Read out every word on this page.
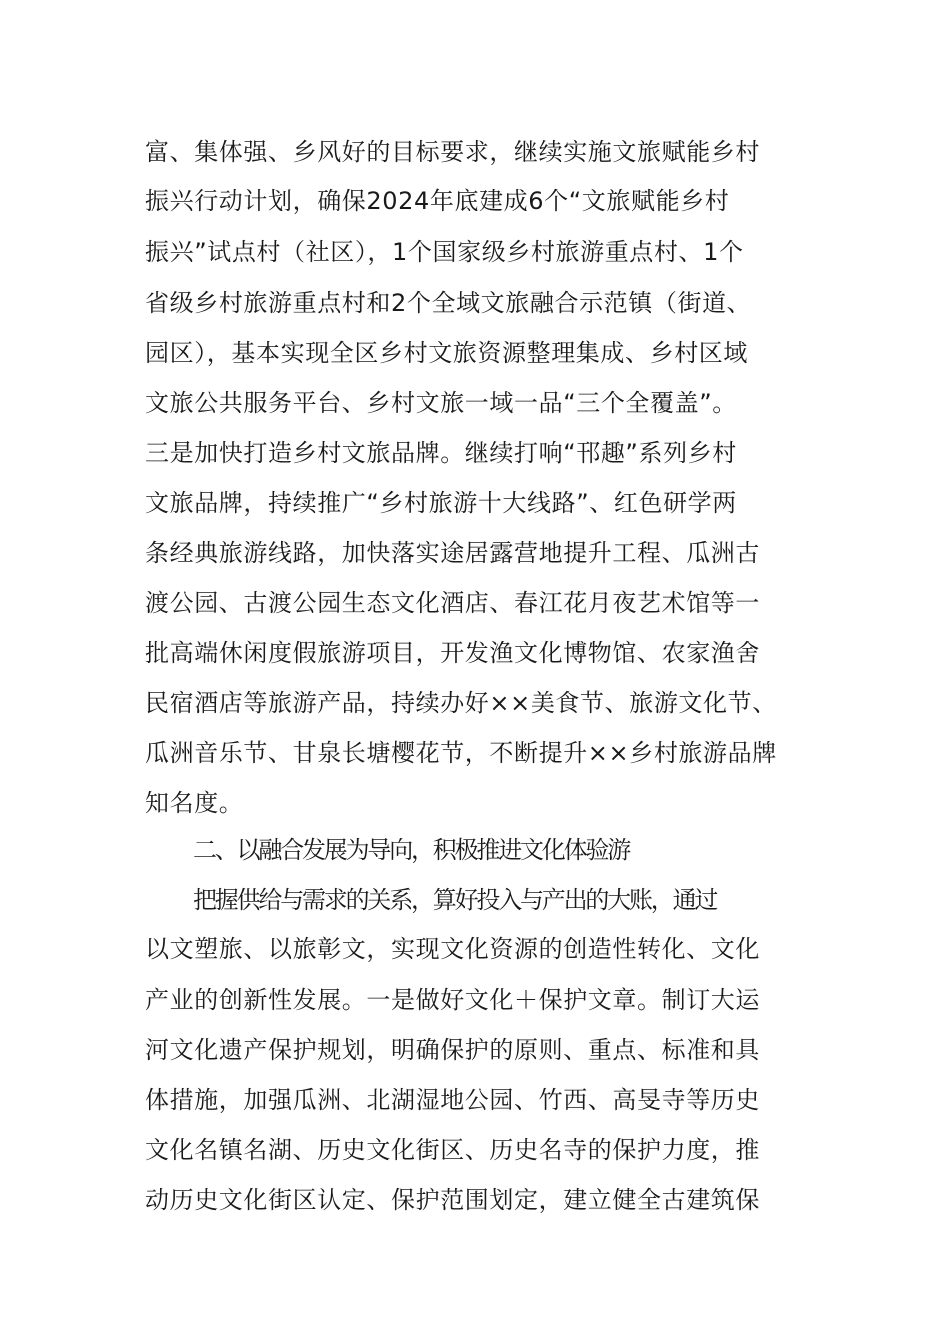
富、集体强、乡风好的目标要求，继续实施文旅赋能乡村
振兴行动计划，确保2024年底建成6个“文旅赋能乡村
振兴”试点村（社区），1个国家级乡村旅游重点村、1个
省级乡村旅游重点村和2个全域文旅融合示范镇（街道、
园区），基本实现全区乡村文旅资源整理集成、乡村区域
文旅公共服务平台、乡村文旅一域一品“三个全覆盖”。
三是加快打造乡村文旅品牌。继续打响“邗趣”系列乡村
文旅品牌，持续推广“乡村旅游十大线路”、红色研学两
条经典旅游线路，加快落实途居露营地提升工程、瓜洲古
渡公园、古渡公园生态文化酒店、春江花月夜艺术馆等一
批高端休闲度假旅游项目，开发渔文化博物馆、农家渔舍
民宿酒店等旅游产品，持续办好××美食节、旅游文化节、
瓜洲音乐节、甘泉长塘樱花节，不断提升××乡村旅游品牌
知名度。
二、以融合发展为导向，积极推进文化体验游
把握供给与需求的关系，算好投入与产出的大账，通过
以文塑旅、以旅彰文，实现文化资源的创造性转化、文化
产业的创新性发展。一是做好文化＋保护文章。制订大运
河文化遗产保护规划，明确保护的原则、重点、标准和具
体措施，加强瓜洲、北湖湿地公园、竹西、高旻寺等历史
文化名镇名湖、历史文化街区、历史名寺的保护力度，推
动历史文化街区认定、保护范围划定，建立健全古建筑保
